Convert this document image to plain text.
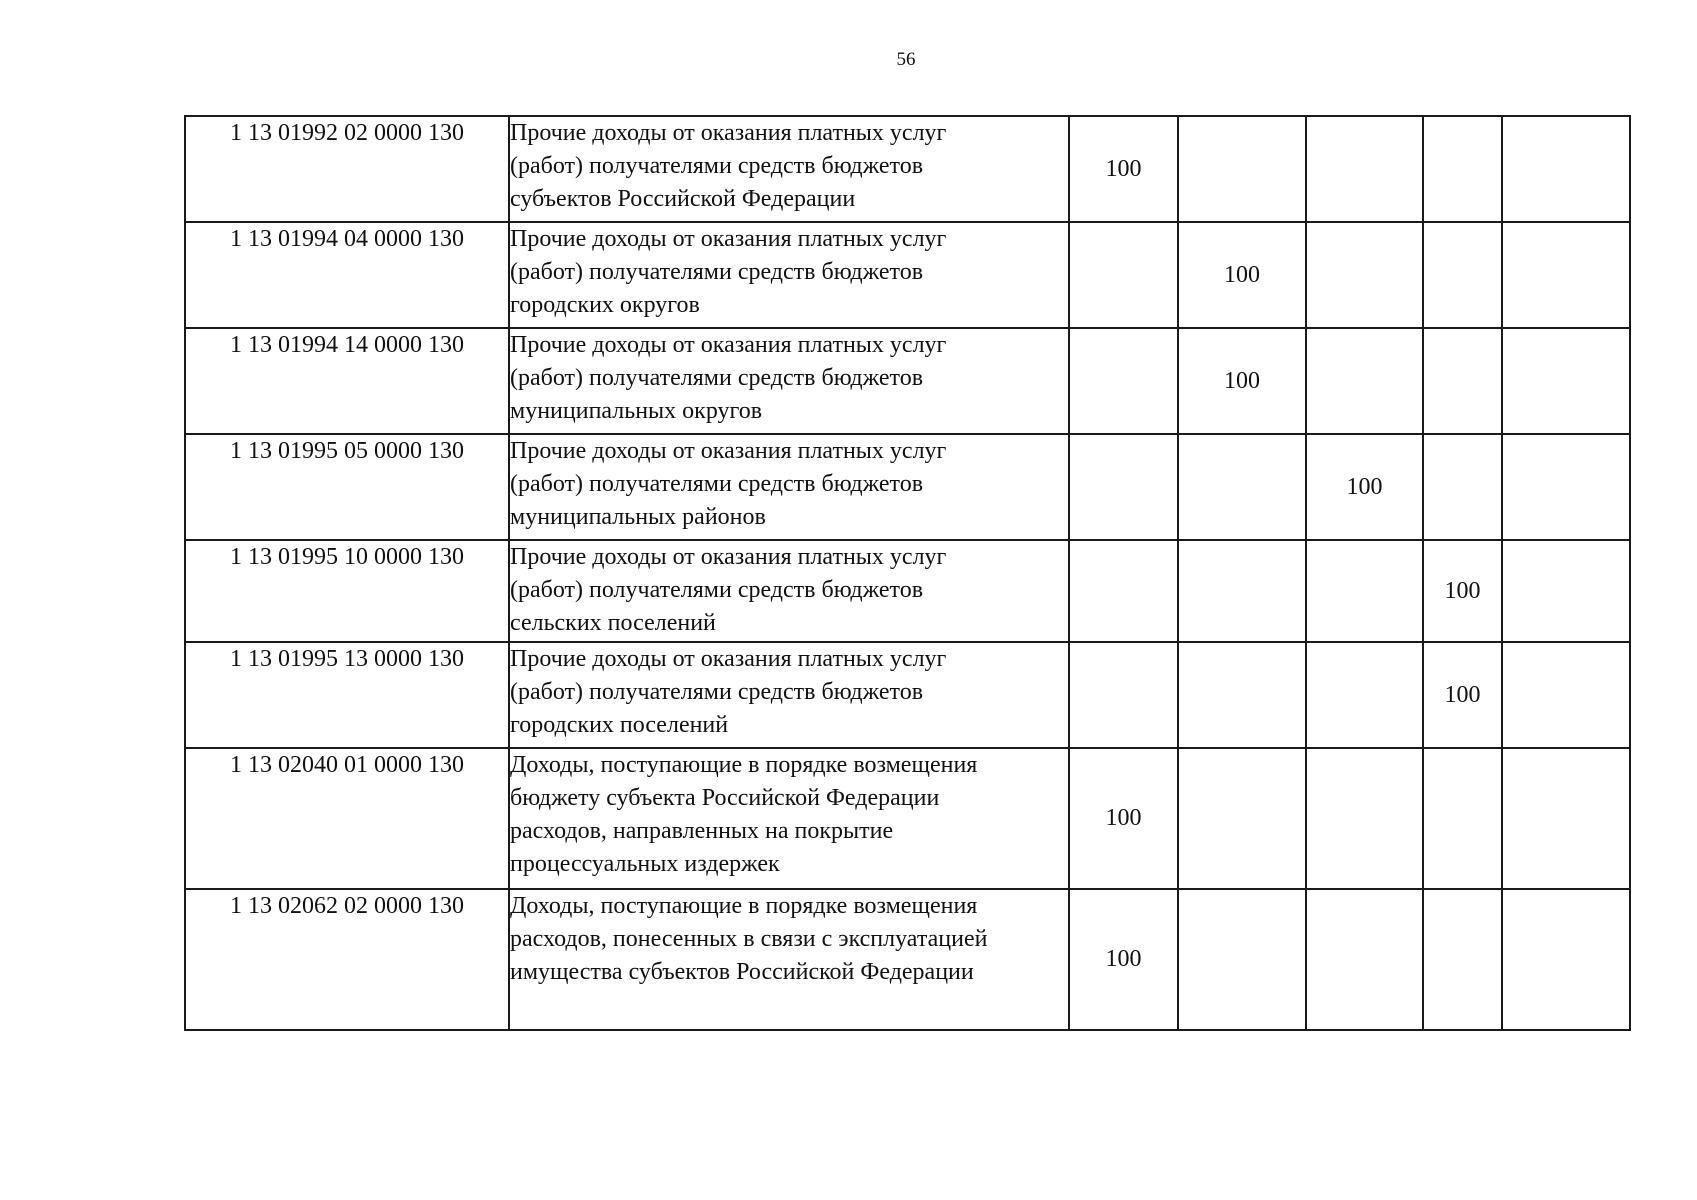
56
1 13 01992 02 0000 130	Прочие доходы от оказания платных услуг
(работ) получателями средств бюджетов
субъектов Российской Федерации	100				
1 13 01994 04 0000 130	Прочие доходы от оказания платных услуг
(работ) получателями средств бюджетов
городских округов		100			
1 13 01994 14 0000 130	Прочие доходы от оказания платных услуг
(работ) получателями средств бюджетов
муниципальных округов		100			
1 13 01995 05 0000 130	Прочие доходы от оказания платных услуг
(работ) получателями средств бюджетов
муниципальных районов			100		
1 13 01995 10 0000 130	Прочие доходы от оказания платных услуг
(работ) получателями средств бюджетов
сельских поселений				100	
1 13 01995 13 0000 130	Прочие доходы от оказания платных услуг
(работ) получателями средств бюджетов
городских поселений				100	
1 13 02040 01 0000 130	Доходы, поступающие в порядке возмещения
бюджету субъекта Российской Федерации
расходов, направленных на покрытие
процессуальных издержек	100				
1 13 02062 02 0000 130	Доходы, поступающие в порядке возмещения
расходов, понесенных в связи с эксплуатацией
имущества субъектов Российской Федерации	100				
